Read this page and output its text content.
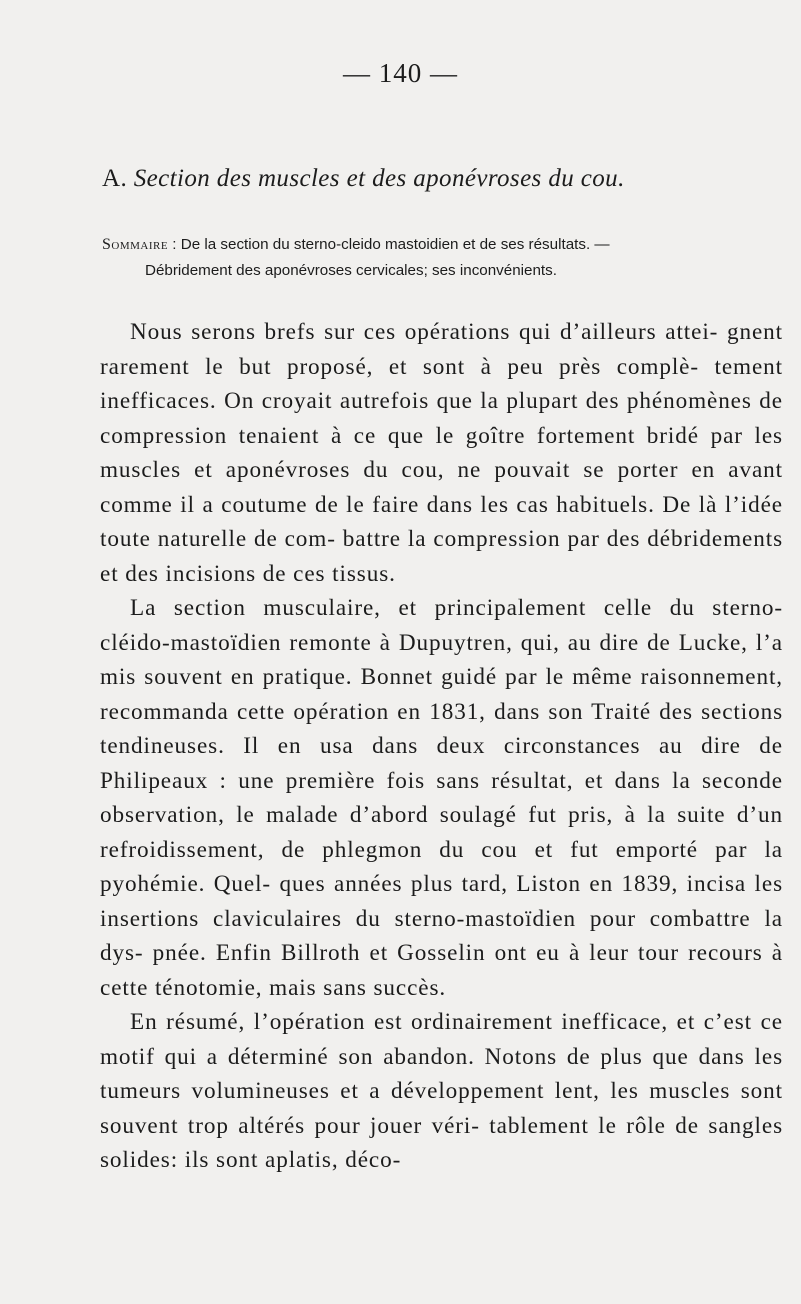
— 140 —
A. Section des muscles et des aponévroses du cou.
Sommaire : De la section du sterno-cleido mastoidien et de ses résultats. —
Débridement des aponévroses cervicales; ses inconvénients.

Nous serons brefs sur ces opérations qui d’ailleurs attei- gnent rarement le but proposé, et sont à peu près complè- tement inefficaces. On croyait autrefois que la plupart des phénomènes de compression tenaient à ce que le goître fortement bridé par les muscles et aponévroses du cou, ne pouvait se porter en avant comme il a coutume de le faire dans les cas habituels. De là l’idée toute naturelle de com- battre la compression par des débridements et des incisions de ces tissus.

La section musculaire, et principalement celle du sterno- cléido-mastoïdien remonte à Dupuytren, qui, au dire de Lucke, l’a mis souvent en pratique. Bonnet guidé par le même raisonnement, recommanda cette opération en 1831, dans son Traité des sections tendineuses. Il en usa dans deux circonstances au dire de Philipeaux : une première fois sans résultat, et dans la seconde observation, le malade d’abord soulagé fut pris, à la suite d’un refroidissement, de phlegmon du cou et fut emporté par la pyohémie. Quel- ques années plus tard, Liston en 1839, incisa les insertions claviculaires du sterno-mastoïdien pour combattre la dys- pnée. Enfin Billroth et Gosselin ont eu à leur tour recours à cette ténotomie, mais sans succès.

En résumé, l’opération est ordinairement inefficace, et c’est ce motif qui a déterminé son abandon. Notons de plus que dans les tumeurs volumineuses et a développement lent, les muscles sont souvent trop altérés pour jouer véri- tablement le rôle de sangles solides: ils sont aplatis, déco-
